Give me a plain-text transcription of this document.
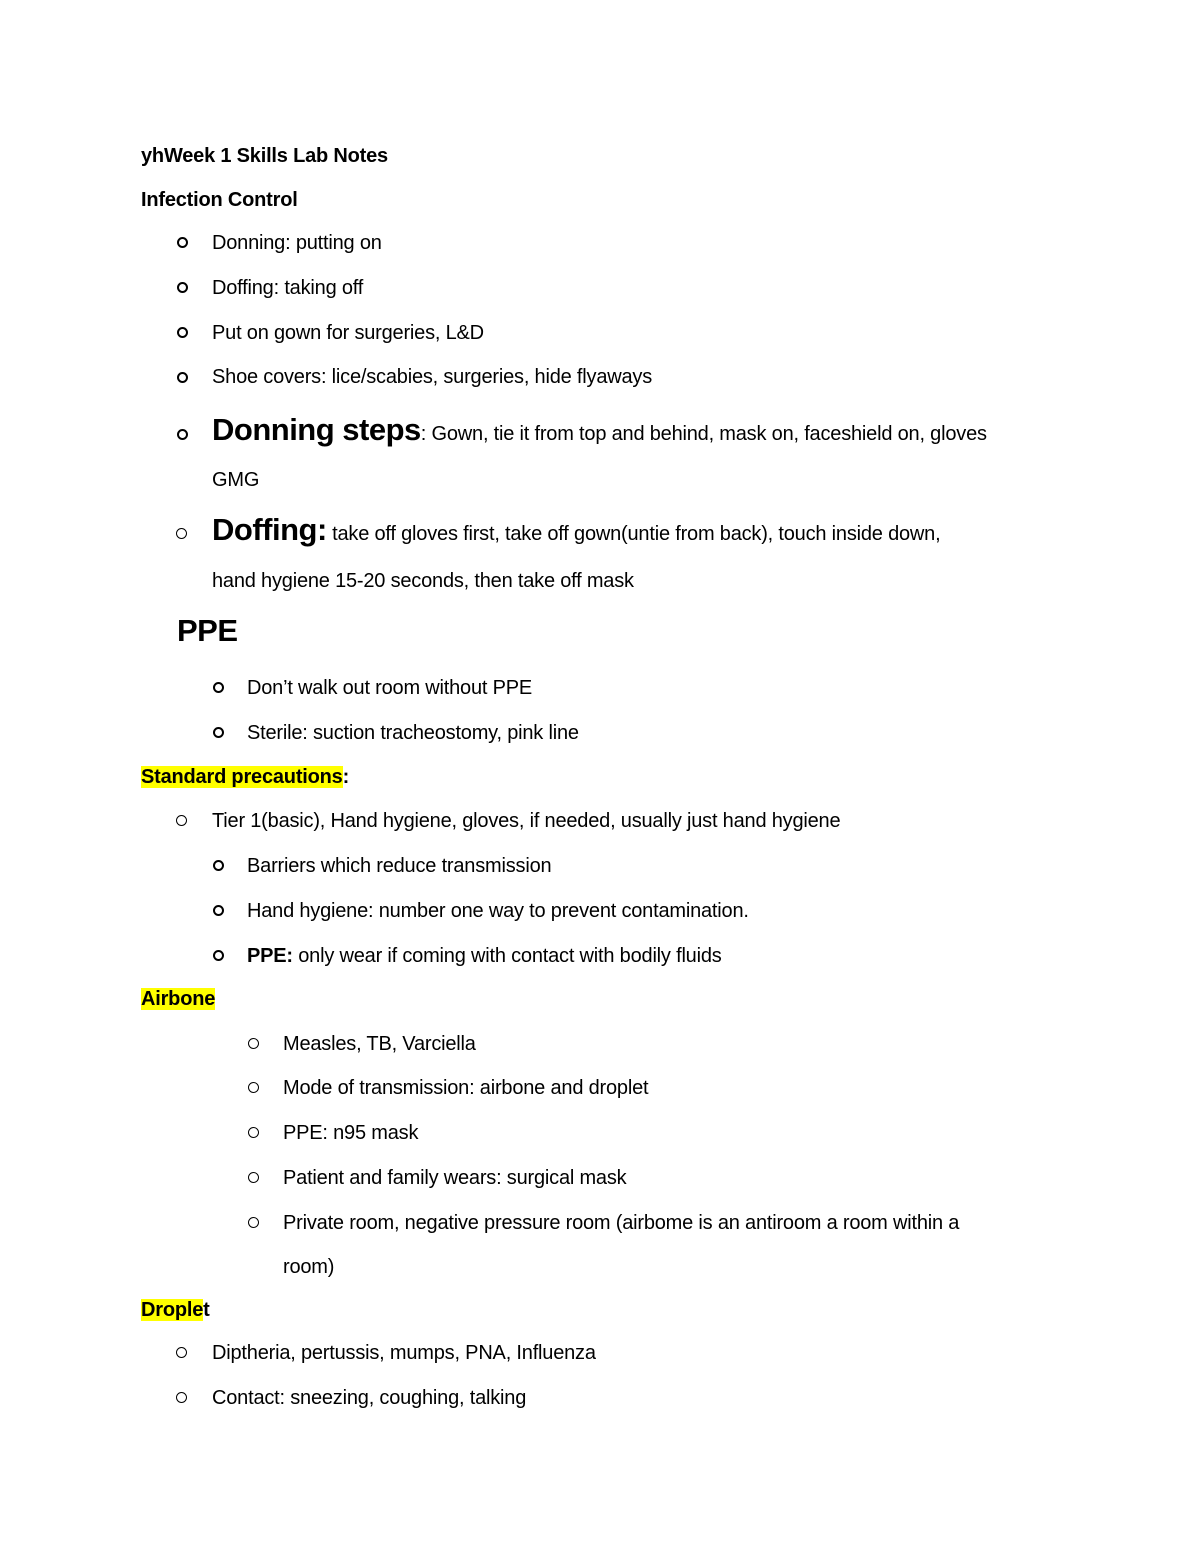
yhWeek 1 Skills Lab Notes
Infection Control
Donning: putting on
Doffing: taking off
Put on gown for surgeries, L&D
Shoe covers: lice/scabies, surgeries, hide flyaways
Donning steps: Gown, tie it from top and behind, mask on, faceshield on, gloves
GMG
Doffing: take off gloves first, take off gown(untie from back), touch inside down,
hand hygiene 15-20 seconds, then take off mask
PPE
Don’t walk out room without PPE
Sterile: suction tracheostomy, pink line
Standard precautions:
Tier 1(basic), Hand hygiene, gloves, if needed, usually just hand hygiene
Barriers which reduce transmission
Hand hygiene: number one way to prevent contamination.
PPE: only wear if coming with contact with bodily fluids
Airbone
Measles, TB, Varciella
Mode of transmission: airbone and droplet
PPE: n95 mask
Patient and family wears: surgical mask
Private room, negative pressure room (airbome is an antiroom a room within a
room)
Droplet
Diptheria, pertussis, mumps, PNA, Influenza
Contact: sneezing, coughing, talking
